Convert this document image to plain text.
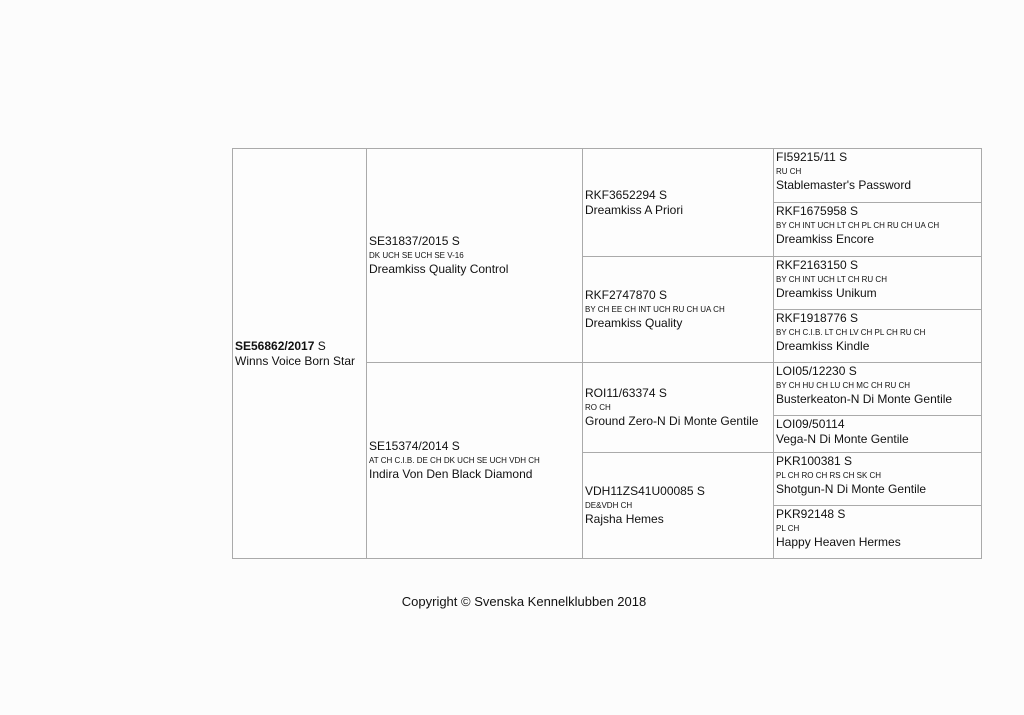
SE56862/2017 S
Winns Voice Born Star
SE31837/2015 S
DK UCH SE UCH SE V-16
Dreamkiss Quality Control
SE15374/2014 S
AT CH C.I.B. DE CH DK UCH SE UCH VDH CH
Indira Von Den Black Diamond
RKF3652294 S
Dreamkiss A Priori
RKF2747870 S
BY CH EE CH INT UCH RU CH UA CH
Dreamkiss Quality
ROI11/63374 S
RO CH
Ground Zero-N Di Monte Gentile
VDH11ZS41U00085 S
DE&VDH CH
Rajsha Hemes
FI59215/11 S
RU CH
Stablemaster's Password
RKF1675958 S
BY CH INT UCH LT CH PL CH RU CH UA CH
Dreamkiss Encore
RKF2163150 S
BY CH INT UCH LT CH RU CH
Dreamkiss Unikum
RKF1918776 S
BY CH C.I.B. LT CH LV CH PL CH RU CH
Dreamkiss Kindle
LOI05/12230 S
BY CH HU CH LU CH MC CH RU CH
Busterkeaton-N Di Monte Gentile
LOI09/50114
Vega-N Di Monte Gentile
PKR100381 S
PL CH RO CH RS CH SK CH
Shotgun-N Di Monte Gentile
PKR92148 S
PL CH
Happy Heaven Hermes
Copyright © Svenska Kennelklubben 2018
